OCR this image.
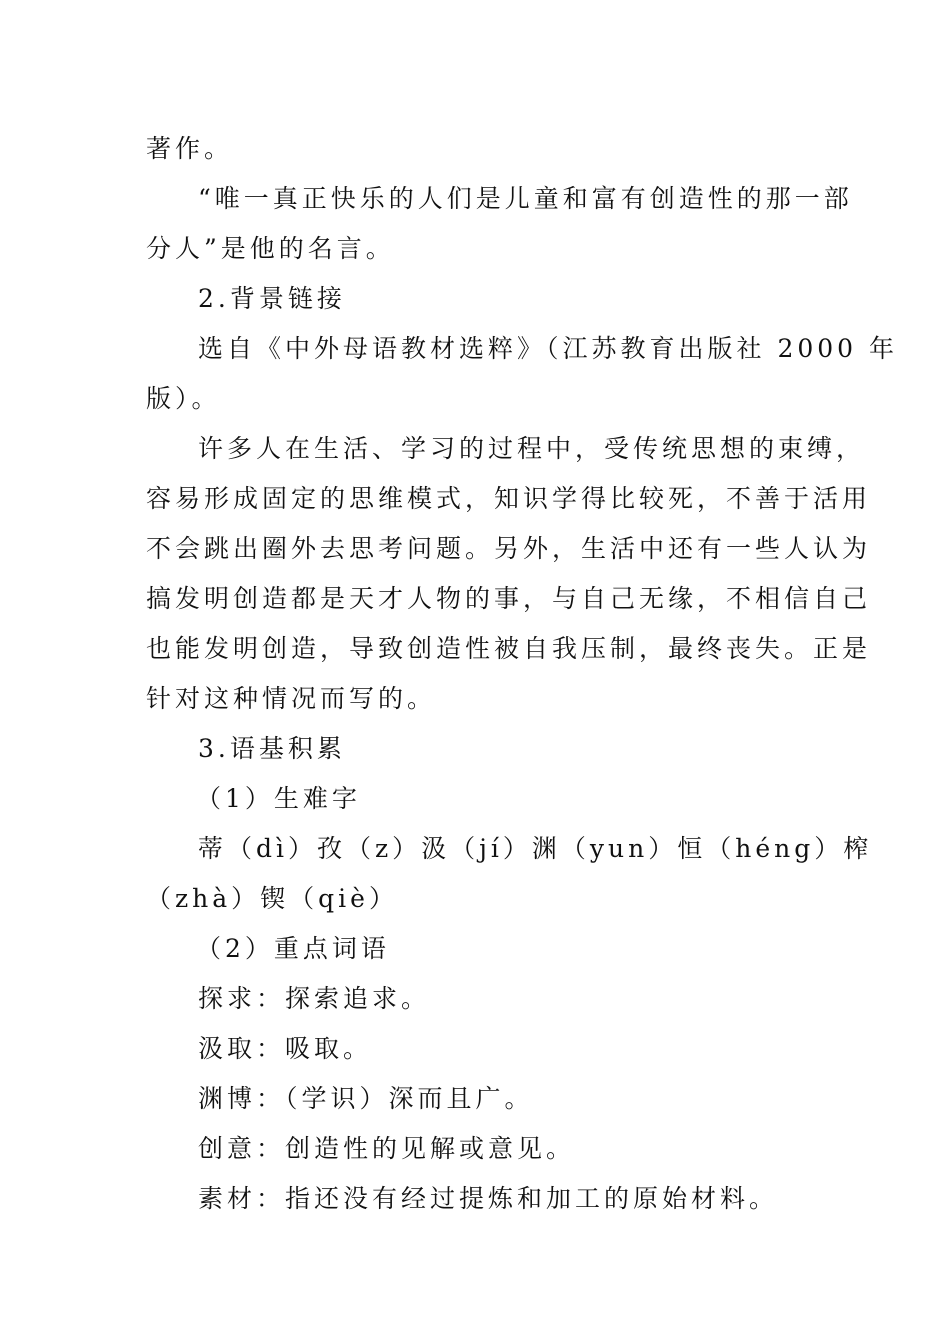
著作。
“唯一真正快乐的人们是儿童和富有创造性的那一部
分人”是他的名言。
2.背景链接
选自《中外母语教材选粹》（江苏教育出版社 2000 年
版）。
许多人在生活、学习的过程中，受传统思想的束缚，
容易形成固定的思维模式，知识学得比较死，不善于活用
不会跳出圈外去思考问题。另外，生活中还有一些人认为
搞发明创造都是天才人物的事，与自己无缘，不相信自己
也能发明创造，导致创造性被自我压制，最终丧失。正是
针对这种情况而写的。
3.语基积累
（1）生难字
蒂（dì）孜（z）汲（jí）渊（yun）恒（héng）榨
（zhà）锲（qiè）
（2）重点词语
探求：探索追求。
汲取：吸取。
渊博：（学识）深而且广。
创意：创造性的见解或意见。
素材：指还没有经过提炼和加工的原始材料。
